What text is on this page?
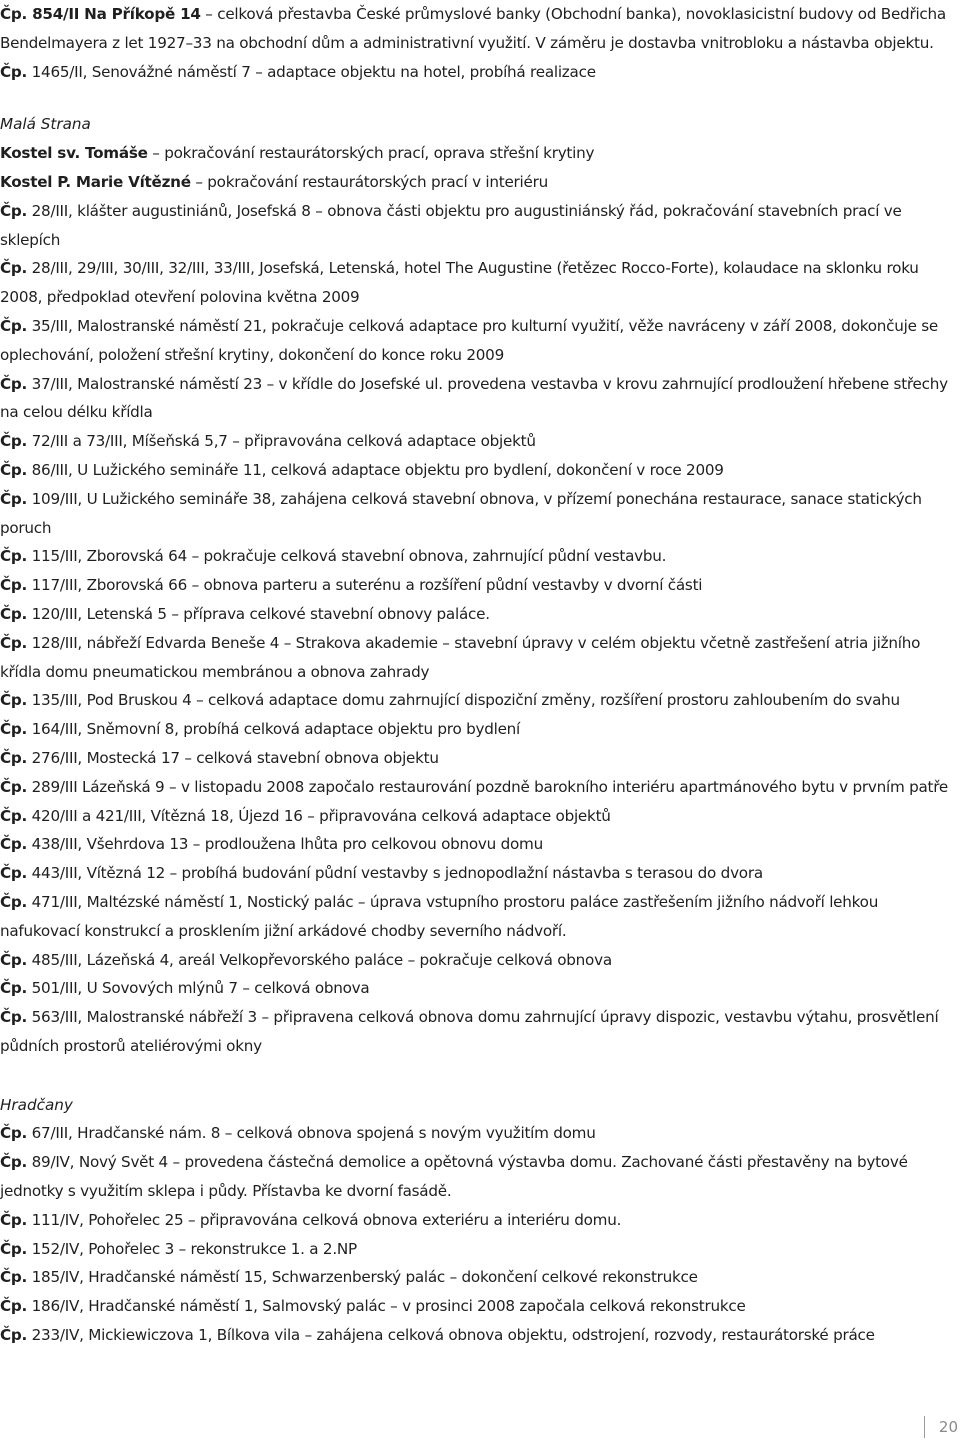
Čp. 854/II Na Příkopě 14 – celková přestavba České průmyslové banky (Obchodní banka), novoklasicistní budovy od Bedřicha Bendelmayera z let 1927–33 na obchodní dům a administrativní využití. V záměru je dostavba vnitrobloku a nástavba objektu.

Čp. 1465/II, Senovážné náměstí 7 – adaptace objektu na hotel, probíhá realizace

Malá Strana

Kostel sv. Tomáše – pokračování restaurátorských prací, oprava střešní krytiny

Kostel P. Marie Vítězné – pokračování restaurátorských prací v interiéru

Čp. 28/III, klášter augustiniánů, Josefská 8 – obnova části objektu pro augustiniánský řád, pokračování stavebních prací ve sklepích

Čp. 28/III, 29/III, 30/III, 32/III, 33/III, Josefská, Letenská, hotel The Augustine (řetězec Rocco-Forte), kolaudace na sklonku roku 2008, předpoklad otevření polovina května 2009

Čp. 35/III, Malostranské náměstí 21, pokračuje celková adaptace pro kulturní využití, věže navráceny v září 2008, dokončuje se oplechování, položení střešní krytiny, dokončení do konce roku 2009

Čp. 37/III, Malostranské náměstí 23 – v křídle do Josefské ul. provedena vestavba v krovu zahrnující prodloužení hřebene střechy na celou délku křídla

Čp. 72/III a 73/III, Míšeňská 5,7 – připravována celková adaptace objektů

Čp. 86/III, U Lužického semináře 11, celková adaptace objektu pro bydlení, dokončení v roce 2009

Čp. 109/III, U Lužického semináře 38, zahájena celková stavební obnova, v přízemí ponechána restaurace, sanace statických poruch

Čp. 115/III, Zborovská 64 – pokračuje celková stavební obnova, zahrnující půdní vestavbu.

Čp. 117/III, Zborovská 66 – obnova parteru a suterénu a rozšíření půdní vestavby v dvorní části

Čp. 120/III, Letenská 5 – příprava celkové stavební obnovy paláce.

Čp. 128/III, nábřeží Edvarda Beneše 4 – Strakova akademie – stavební úpravy v celém objektu včetně zastřešení atria jižního křídla domu pneumatickou membránou a obnova zahrady

Čp. 135/III, Pod Bruskou 4 – celková adaptace domu zahrnující dispoziční změny, rozšíření prostoru zahloubením do svahu

Čp. 164/III, Sněmovní 8, probíhá celková adaptace objektu pro bydlení

Čp. 276/III, Mostecká 17 – celková stavební obnova objektu

Čp. 289/III Lázeňská 9 – v listopadu 2008 započalo restaurování pozdně barokního interiéru apartmánového bytu v prvním patře

Čp. 420/III a 421/III, Vítězná 18, Újezd 16 – připravována celková adaptace objektů

Čp. 438/III, Všehrdova 13 – prodloužena lhůta pro celkovou obnovu domu

Čp. 443/III, Vítězná 12 – probíhá budování půdní vestavby s jednopodlažní nástavba s terasou do dvora

Čp. 471/III, Maltézské náměstí 1, Nostický palác – úprava vstupního prostoru paláce zastřešením jižního nádvoří lehkou nafukovací konstrukcí a prosklením jižní arkádové chodby severního nádvoří.

Čp. 485/III, Lázeňská 4, areál Velkopřevorského paláce – pokračuje celková obnova

Čp. 501/III, U Sovových mlýnů 7 – celková obnova

Čp. 563/III, Malostranské nábřeží 3 – připravena celková obnova domu zahrnující úpravy dispozic, vestavbu výtahu, prosvětlení půdních prostorů ateliérovými okny

Hradčany

Čp. 67/III, Hradčanské nám. 8 – celková obnova spojená s novým využitím domu

Čp. 89/IV, Nový Svět 4 – provedena částečná demolice a opětovná výstavba domu. Zachované části přestavěny na bytové jednotky s využitím sklepa i půdy. Přístavba ke dvorní fasádě.

Čp. 111/IV, Pohořelec 25 – připravována celková obnova exteriéru a interiéru domu.

Čp. 152/IV, Pohořelec 3 – rekonstrukce 1. a 2.NP

Čp. 185/IV, Hradčanské náměstí 15, Schwarzenberský palác – dokončení celkové rekonstrukce

Čp. 186/IV, Hradčanské náměstí 1, Salmovský palác – v prosinci 2008 započala celková rekonstrukce

Čp. 233/IV, Mickiewiczova 1, Bílkova vila – zahájena celková obnova objektu, odstrojení, rozvody, restaurátorské práce

20
